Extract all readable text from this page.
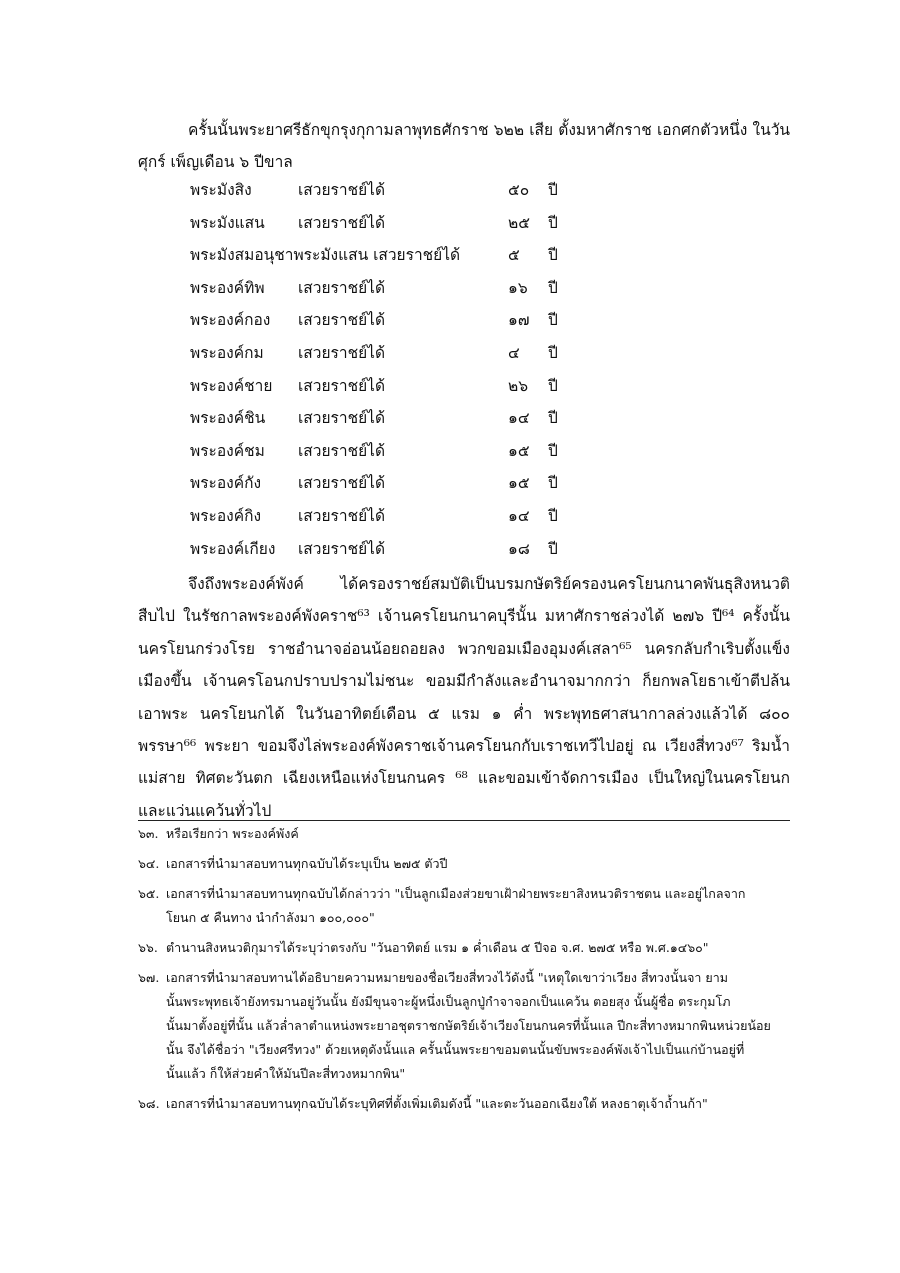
ครั้นนั้นพระยาศรีธักขุกรุงกุกามลาพุทธศักราช ๖๒๒ เสีย ตั้งมหาศักราช เอกศกตัวหนึ่ง ในวันศุกร์ เพ็ญเดือน ๖ ปีขาล

พระมังสิง	เสวยราชย์ได้	๕๐ ปี
พระมังแสน เสวยราชย์ได้	๒๕ ปี
พระมังสมอนุชาพระมังแสน เสวยราชย์ได้	๕ ปี
พระองค์ทิพ เสวยราชย์ได้	๑๖ ปี
พระองค์กอง เสวยราชย์ได้	๑๗ ปี
พระองค์กม เสวยราชย์ได้	๔ ปี
พระองค์ชาย เสวยราชย์ได้	๒๖ ปี
พระองค์ชิน เสวยราชย์ได้	๑๔ ปี
พระองค์ชม เสวยราชย์ได้	๑๕ ปี
พระองค์กัง เสวยราชย์ได้	๑๕ ปี
พระองค์กิง เสวยราชย์ได้	๑๔ ปี
พระองค์เกียง เสวยราชย์ได้	๑๘ ปี

จึงถึงพระองค์พังค์ ได้ครองราชย์สมบัติเป็นบรมกษัตริย์ครองนครโยนกนาคพันธุสิงหนวติ สืบไป ในรัชกาลพระองค์พังคราช⁶³ เจ้านครโยนกนาคบุรีนั้น มหาศักราชล่วงได้ ๒๗๖ ปี⁶⁴ ครั้งนั้น นครโยนกร่วงโรย ราชอำนาจอ่อนน้อยถอยลง พวกขอมเมืองอุมงค์เสลา⁶⁵ นครกลับกำเริบตั้งแข็ง เมืองขึ้น เจ้านครโอนกปราบปรามไม่ชนะ ขอมมีกำลังและอำนาจมากกว่า ก็ยกพลโยธาเข้าตีปล้นเอาพระ นครโยนกได้ ในวันอาทิตย์เดือน ๕ แรม ๑ ค่ำ พระพุทธศาสนากาลล่วงแล้วได้ ๘๐๐ พรรษา⁶⁶ พระยา ขอมจึงไล่พระองค์พังคราชเจ้านครโยนกกับเราชเทวีไปอยู่ ณ เวียงสี่ทวง⁶⁷ ริมน้ำแม่สาย ทิศตะวันตก เฉียงเหนือแห่งโยนกนคร ⁶⁸ และขอมเข้าจัดการเมือง เป็นใหญ่ในนครโยนกและแว่นแคว้นทั่วไป

๖๓. หรือเรียกว่า พระองค์พังค์
๖๔. เอกสารที่นำมาสอบทานทุกฉบับได้ระบุเป็น ๒๗๕ ตัวปี
๖๕. เอกสารที่นำมาสอบทานทุกฉบับได้กล่าวว่า "เป็นลูกเมืองส่วยขาเฝ้าฝ่ายพระยาสิงหนวติราชตน และอยู่ไกลจาก
โยนก ๕ คืนทาง นำกำลังมา ๑๐๐,๐๐๐"
๖๖. ตำนานสิงหนวติกุมารได้ระบุว่าตรงกับ "วันอาทิตย์ แรม ๑ ค่ำเดือน ๕ ปีจอ จ.ศ. ๒๗๕ หรือ พ.ศ.๑๔๖๐"
๖๗. เอกสารที่นำมาสอบทานได้อธิบายความหมายของชื่อเวียงสี่ทวงไว้ดังนี้ "เหตุใดเขาว่าเวียง สี่ทวงนั้นจา ยาม
นั้นพระพุทธเจ้ายังทรมานอยู่วันนั้น ยังมีขุนจาะผู้หนึ่งเป็นลูกปู่กำจาจอกเป็นแคว้น ตอยสุง นั้นผู้ชื่อ ตระกุมโภ
นั้นมาตั้งอยู่ที่นั้น แล้วล่ำลาตำแหน่งพระยาอชุตราชกษัตริย์เจ้าเวียงโยนกนครที่นั้นแล ปีกะสี่ทางหมากพินหน่วยน้อย
นั้น จึงได้ชื่อว่า "เวียงศรีทวง" ด้วยเหตุดังนั้นแล ครั้นนั้นพระยาขอมตนนั้นขับพระองค์พังเจ้าไปเป็นแก่บ้านอยู่ที่
นั้นแล้ว ก็ให้ส่วยคำให้มันปีละสี่ทวงหมากพิน"
๖๘. เอกสารที่นำมาสอบทานทุกฉบับได้ระบุทิศที่ตั้งเพิ่มเติมดังนี้ "และตะวันออกเฉียงใต้ หลงธาตุเจ้าถ้ำนก้า"
